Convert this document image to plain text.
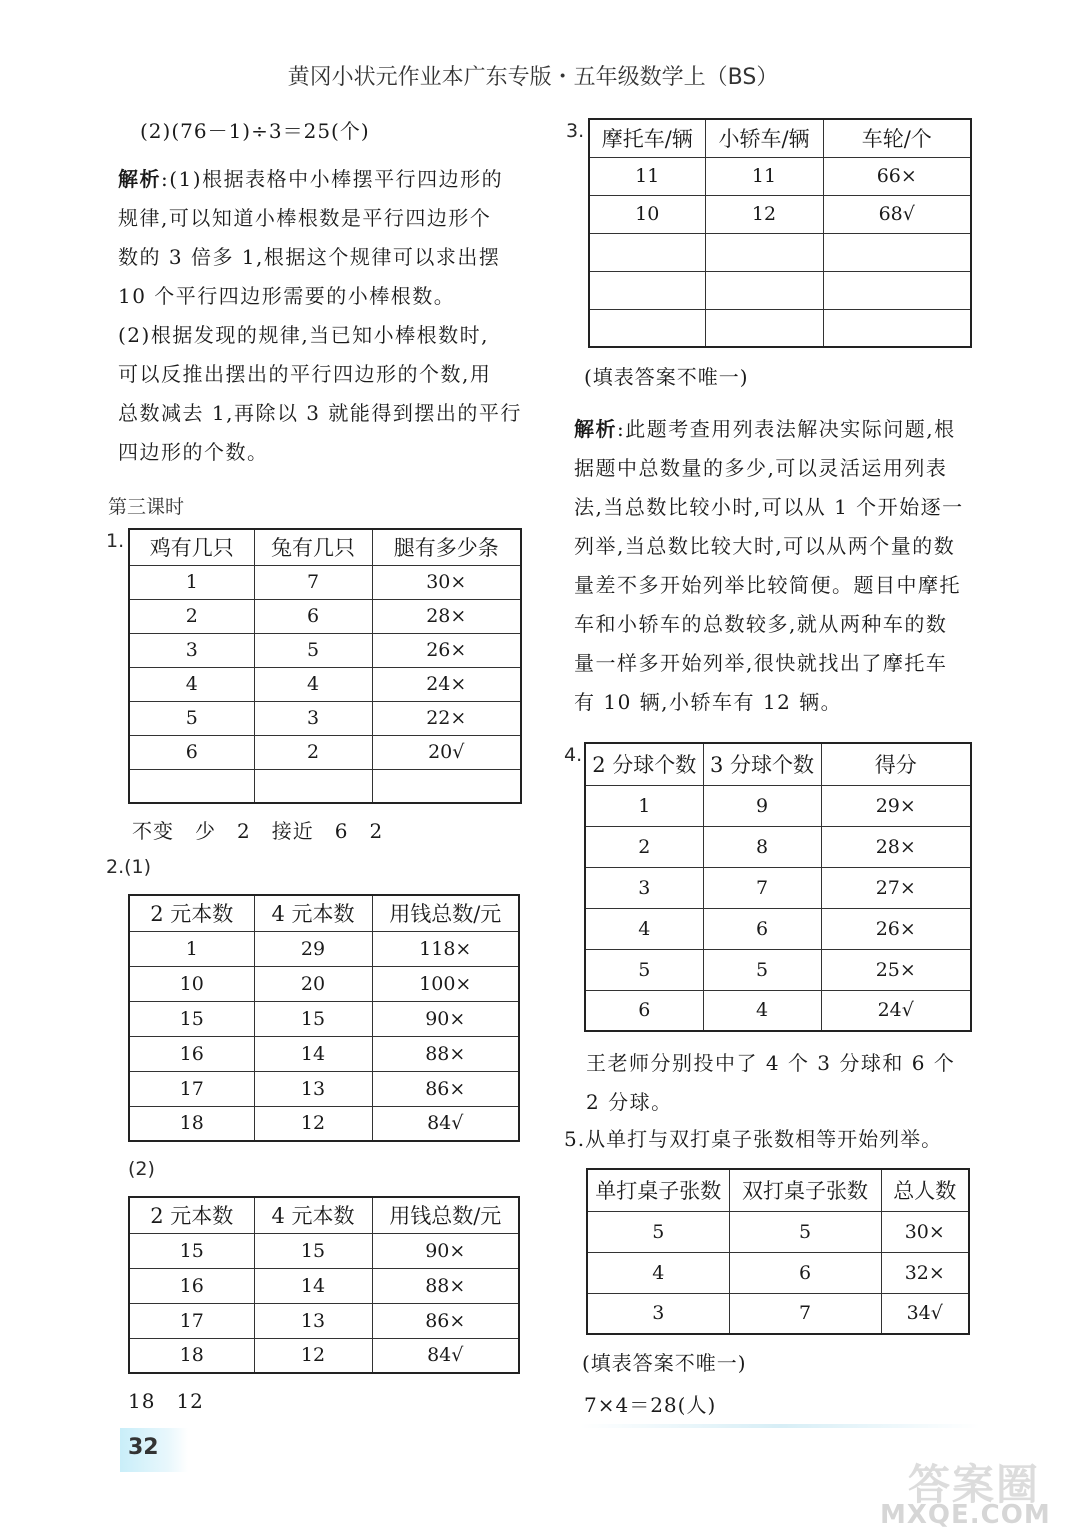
黄冈小状元作业本广东专版・五年级数学上（BS）
(2)(76－1)÷3＝25(个)
解析:(1)根据表格中小棒摆平行四边形的
规律,可以知道小棒根数是平行四边形个
数的 3 倍多 1,根据这个规律可以求出摆
10 个平行四边形需要的小棒根数。
(2)根据发现的规律,当已知小棒根数时,
可以反推出摆出的平行四边形的个数,用
总数减去 1,再除以 3 就能得到摆出的平行
四边形的个数。
第三课时
1. 鸡有几只	兔有几只	腿有多少条
1	7	30×
2	6	28×
3	5	26×
4	4	24×
5	3	22×
6	2	20√

不变　少　2　接近　6　2
2.(1)
2 元本数	4 元本数	用钱总数/元
1	29	118×
10	20	100×
15	15	90×
16	14	88×
17	13	86×
18	12	84√
(2)
2 元本数	4 元本数	用钱总数/元
15	15	90×
16	14	88×
17	13	86×
18	12	84√
18　12
3. 摩托车/辆	小轿车/辆	车轮/个
11	11	66×
10	12	68√

(填表答案不唯一)
解析:此题考查用列表法解决实际问题,根
据题中总数量的多少,可以灵活运用列表
法,当总数比较小时,可以从 1 个开始逐一
列举,当总数比较大时,可以从两个量的数
量差不多开始列举比较简便。题目中摩托
车和小轿车的总数较多,就从两种车的数
量一样多开始列举,很快就找出了摩托车
有 10 辆,小轿车有 12 辆。
4. 2 分球个数	3 分球个数	得分
1	9	29×
2	8	28×
3	7	27×
4	6	26×
5	5	25×
6	4	24√
王老师分别投中了 4 个 3 分球和 6 个
2 分球。
5.从单打与双打桌子张数相等开始列举。
单打桌子张数	双打桌子张数	总人数
5	5	30×
4	6	32×
3	7	34√
(填表答案不唯一)
7×4＝28(人)
32
答案圈
MXQE.COM
